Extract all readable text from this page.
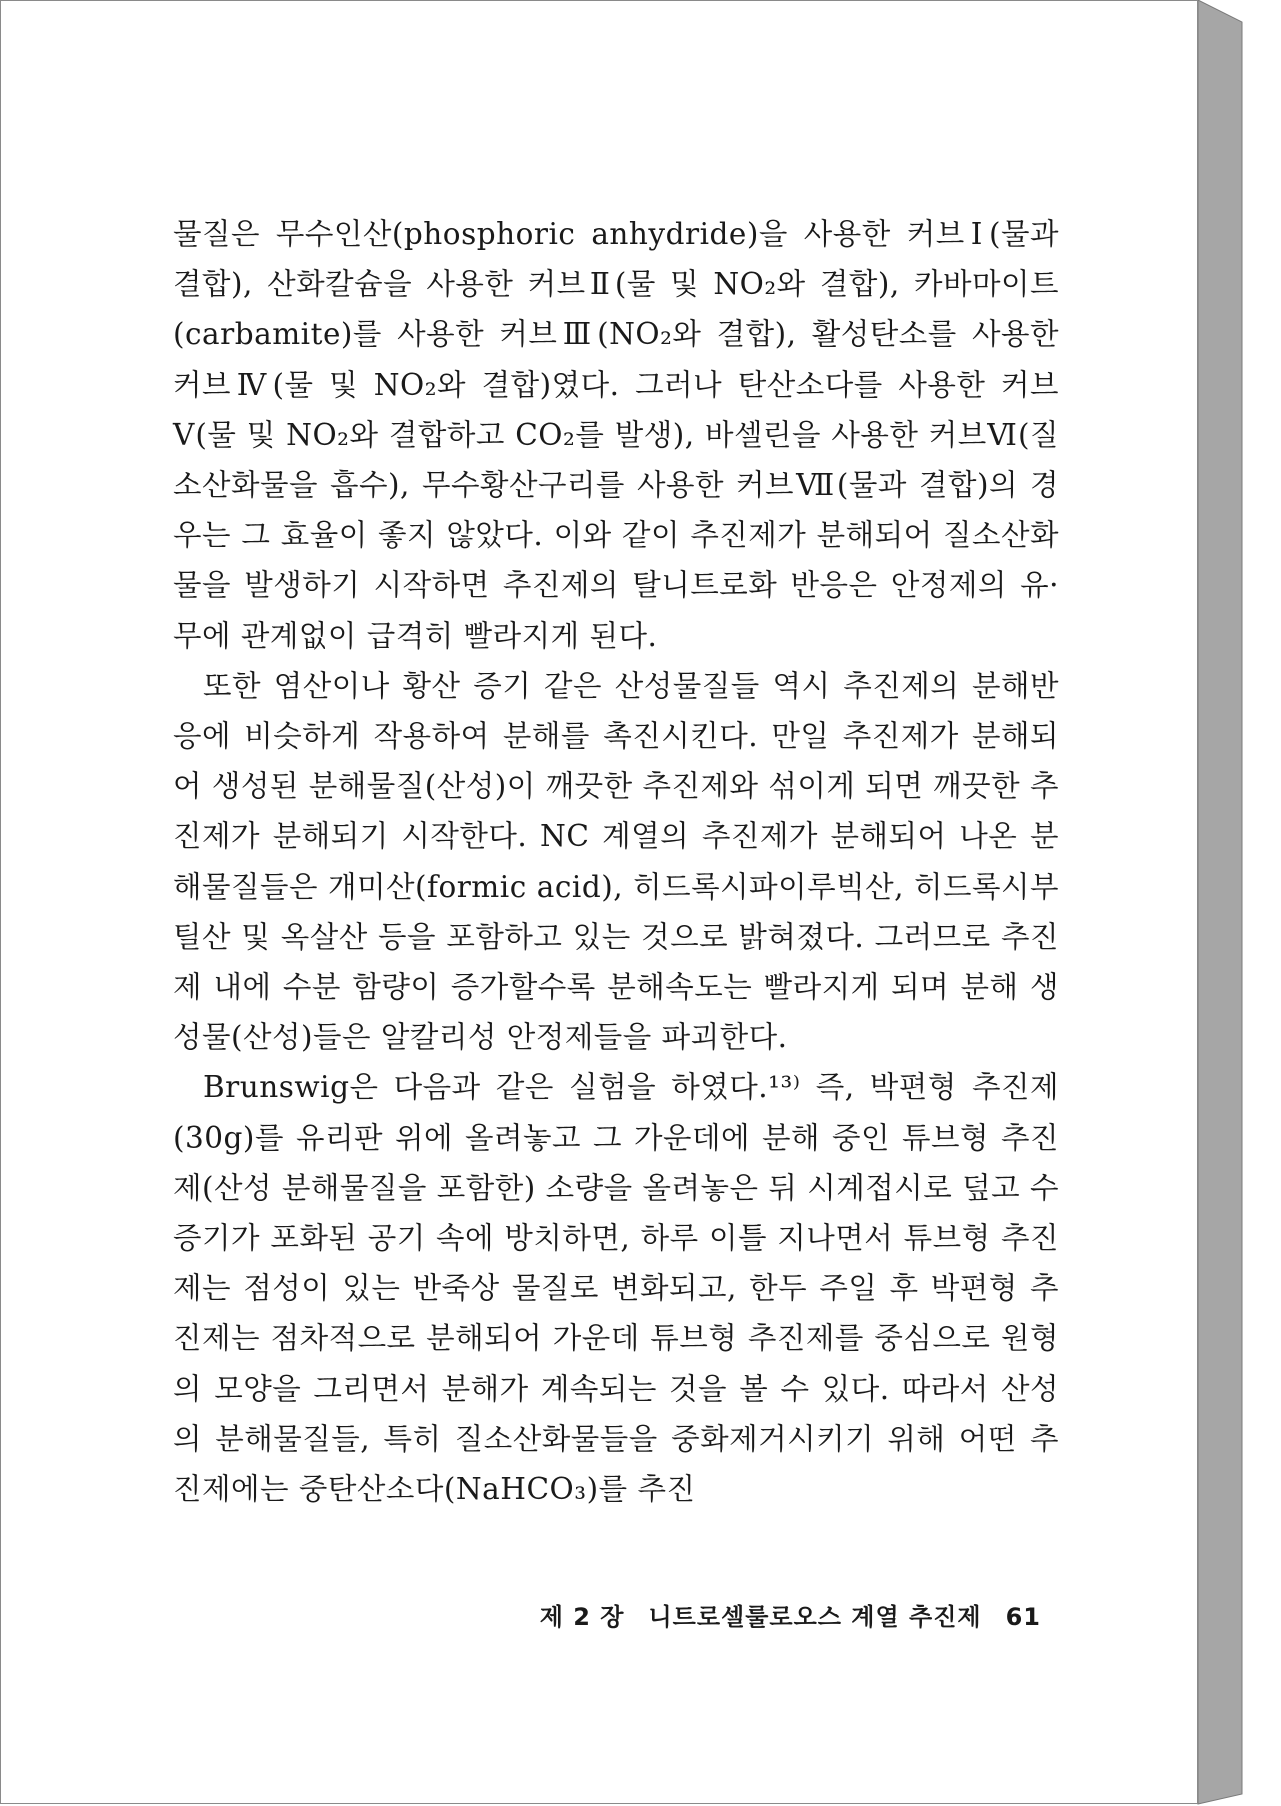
물질은 무수인산(phosphoric anhydride)을 사용한 커브Ⅰ(물과 결합), 산화칼슘을 사용한 커브Ⅱ(물 및 NO₂와 결합), 카바마이트(carbamite)를 사용한 커브Ⅲ(NO₂와 결합), 활성탄소를 사용한 커브Ⅳ(물 및 NO₂와 결합)였다. 그러나 탄산소다를 사용한 커브Ⅴ(물 및 NO₂와 결합하고 CO₂를 발생), 바셀린을 사용한 커브Ⅵ(질소산화물을 흡수), 무수황산구리를 사용한 커브Ⅶ(물과 결합)의 경우는 그 효율이 좋지 않았다. 이와 같이 추진제가 분해되어 질소산화물을 발생하기 시작하면 추진제의 탈니트로화 반응은 안정제의 유·무에 관계없이 급격히 빨라지게 된다.

또한 염산이나 황산 증기 같은 산성물질들 역시 추진제의 분해반응에 비슷하게 작용하여 분해를 촉진시킨다. 만일 추진제가 분해되어 생성된 분해물질(산성)이 깨끗한 추진제와 섞이게 되면 깨끗한 추진제가 분해되기 시작한다. NC 계열의 추진제가 분해되어 나온 분해물질들은 개미산(formic acid), 히드록시파이루빅산, 히드록시부틸산 및 옥살산 등을 포함하고 있는 것으로 밝혀졌다. 그러므로 추진제 내에 수분 함량이 증가할수록 분해속도는 빨라지게 되며 분해 생성물(산성)들은 알칼리성 안정제들을 파괴한다.

Brunswig은 다음과 같은 실험을 하였다.¹³⁾ 즉, 박편형 추진제(30g)를 유리판 위에 올려놓고 그 가운데에 분해 중인 튜브형 추진제(산성 분해물질을 포함한) 소량을 올려놓은 뒤 시계접시로 덮고 수증기가 포화된 공기 속에 방치하면, 하루 이틀 지나면서 튜브형 추진제는 점성이 있는 반죽상 물질로 변화되고, 한두 주일 후 박편형 추진제는 점차적으로 분해되어 가운데 튜브형 추진제를 중심으로 원형의 모양을 그리면서 분해가 계속되는 것을 볼 수 있다. 따라서 산성의 분해물질들, 특히 질소산화물들을 중화제거시키기 위해 어떤 추진제에는 중탄산소다(NaHCO₃)를 추진

제 2 장 니트로셀룰로오스 계열 추진제 61
